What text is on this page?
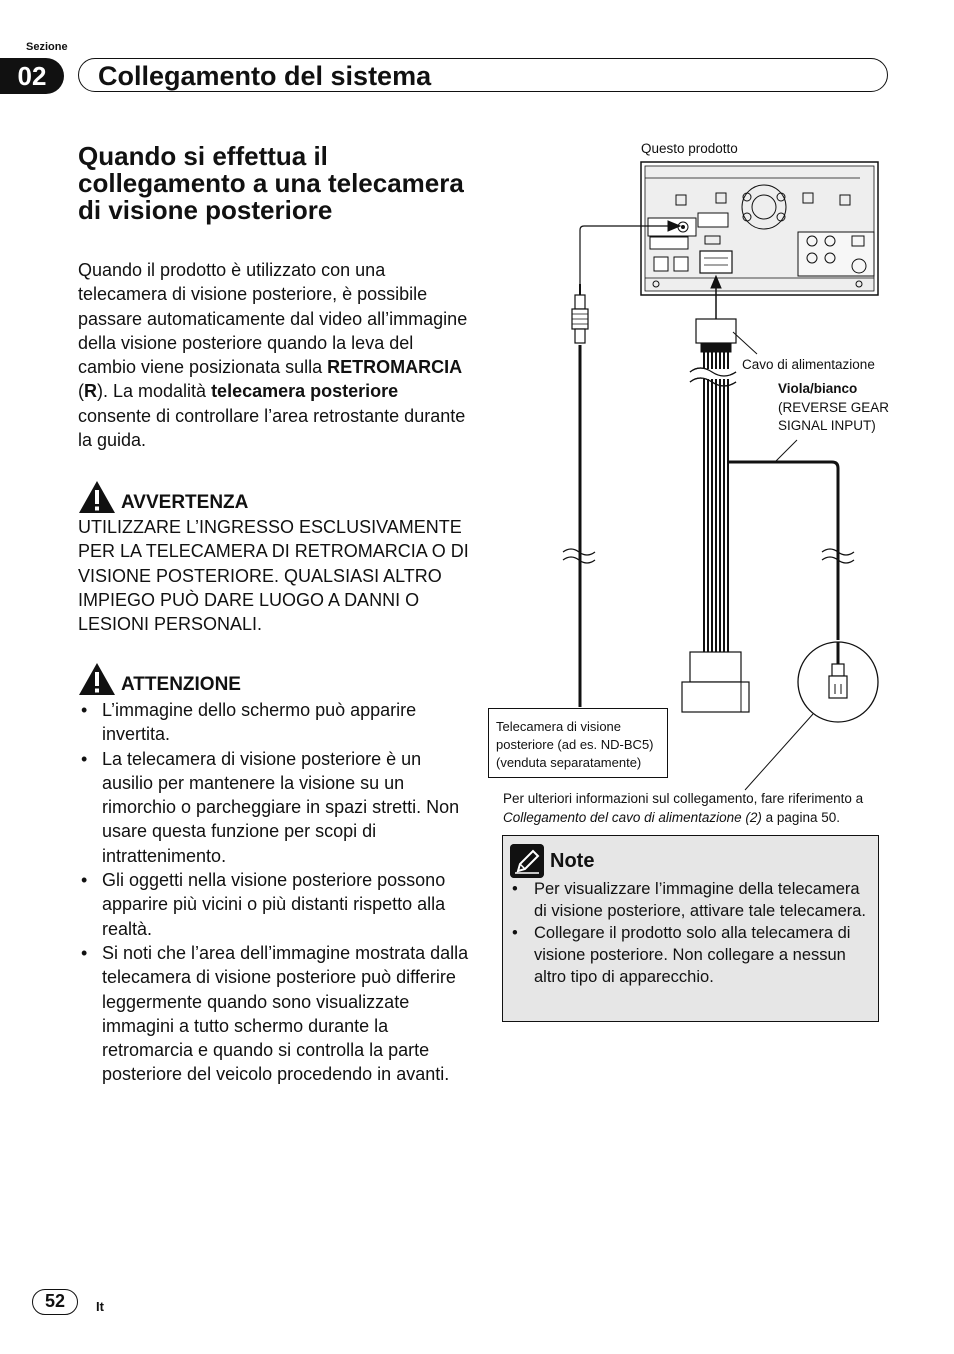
Sezione
02	Collegamento del sistema
Quando si effettua il collegamento a una telecamera di visione posteriore
Quando il prodotto è utilizzato con una telecamera di visione posteriore, è possibile passare automaticamente dal video all’immagine della visione posteriore quando la leva del cambio viene posizionata sulla RETROMARCIA (R). La modalità telecamera posteriore consente di controllare l’area retrostante durante la guida.
AVVERTENZA
UTILIZZARE L’INGRESSO ESCLUSIVAMENTE PER LA TELECAMERA DI RETROMARCIA O DI VISIONE POSTERIORE. QUALSIASI ALTRO IMPIEGO PUÒ DARE LUOGO A DANNI O LESIONI PERSONALI.
ATTENZIONE
• L’immagine dello schermo può apparire invertita.
• La telecamera di visione posteriore è un ausilio per mantenere la visione su un rimorchio o parcheggiare in spazi stretti. Non usare questa funzione per scopi di intrattenimento.
• Gli oggetti nella visione posteriore possono apparire più vicini o più distanti rispetto alla realtà.
• Si noti che l’area dell’immagine mostrata dalla telecamera di visione posteriore può differire leggermente quando sono visualizzate immagini a tutto schermo durante la retromarcia e quando si controlla la parte posteriore del veicolo procedendo in avanti.
Questo prodotto
Cavo di alimentazione
Viola/bianco
(REVERSE GEAR SIGNAL INPUT)
Telecamera di visione posteriore (ad es. ND-BC5) (venduta separatamente)
Per ulteriori informazioni sul collegamento, fare riferimento a Collegamento del cavo di alimentazione (2) a pagina 50.
Note
• Per visualizzare l’immagine della telecamera di visione posteriore, attivare tale telecamera.
• Collegare il prodotto solo alla telecamera di visione posteriore. Non collegare a nessun altro tipo di apparecchio.
52	It
